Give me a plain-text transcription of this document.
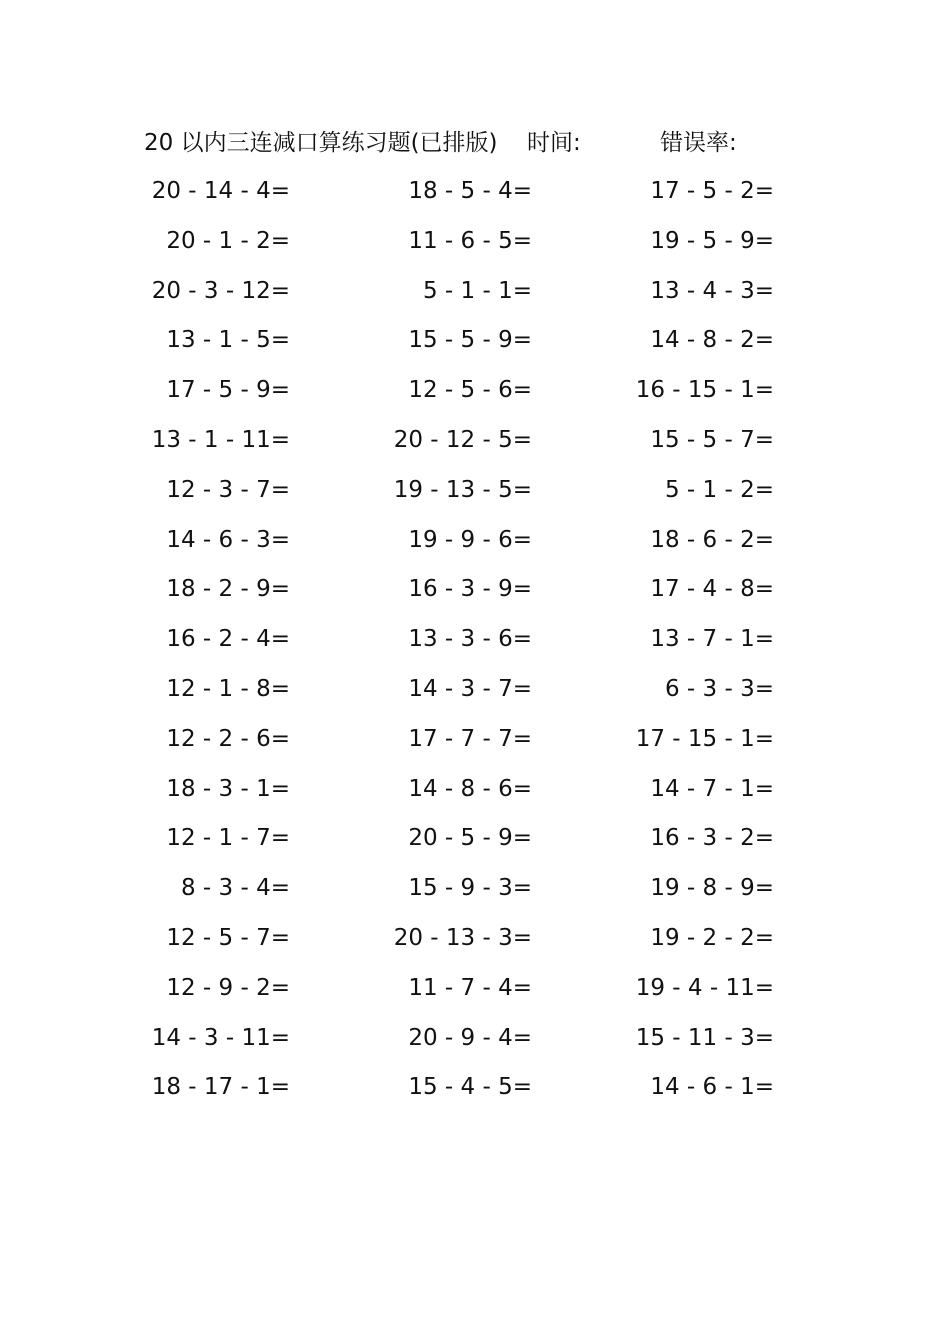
20 以内三连减口算练习题(已排版) 时间:	错误率:
20 - 14 - 4=	18 - 5 - 4=	17 - 5 - 2=
20 - 1 - 2=	11 - 6 - 5=	19 - 5 - 9=
20 - 3 - 12=	5 - 1 - 1=	13 - 4 - 3=
13 - 1 - 5=	15 - 5 - 9=	14 - 8 - 2=
17 - 5 - 9=	12 - 5 - 6=	16 - 15 - 1=
13 - 1 - 11=	20 - 12 - 5=	15 - 5 - 7=
12 - 3 - 7=	19 - 13 - 5=	5 - 1 - 2=
14 - 6 - 3=	19 - 9 - 6=	18 - 6 - 2=
18 - 2 - 9=	16 - 3 - 9=	17 - 4 - 8=
16 - 2 - 4=	13 - 3 - 6=	13 - 7 - 1=
12 - 1 - 8=	14 - 3 - 7=	6 - 3 - 3=
12 - 2 - 6=	17 - 7 - 7=	17 - 15 - 1=
18 - 3 - 1=	14 - 8 - 6=	14 - 7 - 1=
12 - 1 - 7=	20 - 5 - 9=	16 - 3 - 2=
8 - 3 - 4=	15 - 9 - 3=	19 - 8 - 9=
12 - 5 - 7=	20 - 13 - 3=	19 - 2 - 2=
12 - 9 - 2=	11 - 7 - 4=	19 - 4 - 11=
14 - 3 - 11=	20 - 9 - 4=	15 - 11 - 3=
18 - 17 - 1=	15 - 4 - 5=	14 - 6 - 1=
